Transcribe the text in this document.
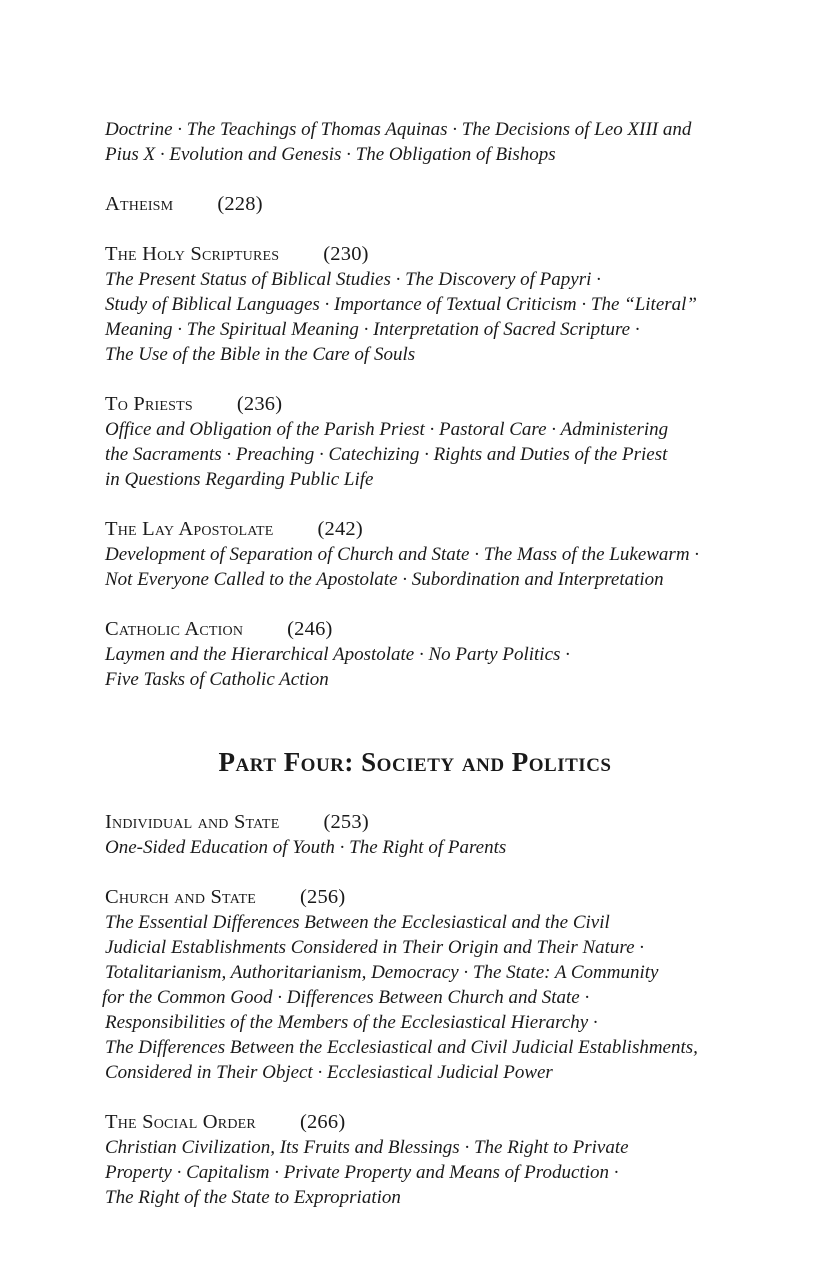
Doctrine · The Teachings of Thomas Aquinas · The Decisions of Leo XIII and

Pius X · Evolution and Genesis · The Obligation of Bishops

Atheism (228)

The Holy Scriptures (230)

The Present Status of Biblical Studies · The Discovery of Papyri ·

Study of Biblical Languages · Importance of Textual Criticism · The “Literal”

Meaning · The Spiritual Meaning · Interpretation of Sacred Scripture ·

The Use of the Bible in the Care of Souls

To Priests (236)

Office and Obligation of the Parish Priest · Pastoral Care · Administering

the Sacraments · Preaching · Catechizing · Rights and Duties of the Priest

in Questions Regarding Public Life

The Lay Apostolate (242)

Development of Separation of Church and State · The Mass of the Lukewarm ·

Not Everyone Called to the Apostolate · Subordination and Interpretation

Catholic Action (246)

Laymen and the Hierarchical Apostolate · No Party Politics ·

Five Tasks of Catholic Action

Part Four: Society and Politics

Individual and State (253)

One-Sided Education of Youth · The Right of Parents

Church and State (256)

The Essential Differences Between the Ecclesiastical and the Civil

Judicial Establishments Considered in Their Origin and Their Nature ·

Totalitarianism, Authoritarianism, Democracy · The State: A Community

for the Common Good · Differences Between Church and State ·

Responsibilities of the Members of the Ecclesiastical Hierarchy ·

The Differences Between the Ecclesiastical and Civil Judicial Establishments,

Considered in Their Object · Ecclesiastical Judicial Power

The Social Order (266)

Christian Civilization, Its Fruits and Blessings · The Right to Private

Property · Capitalism · Private Property and Means of Production ·

The Right of the State to Expropriation
